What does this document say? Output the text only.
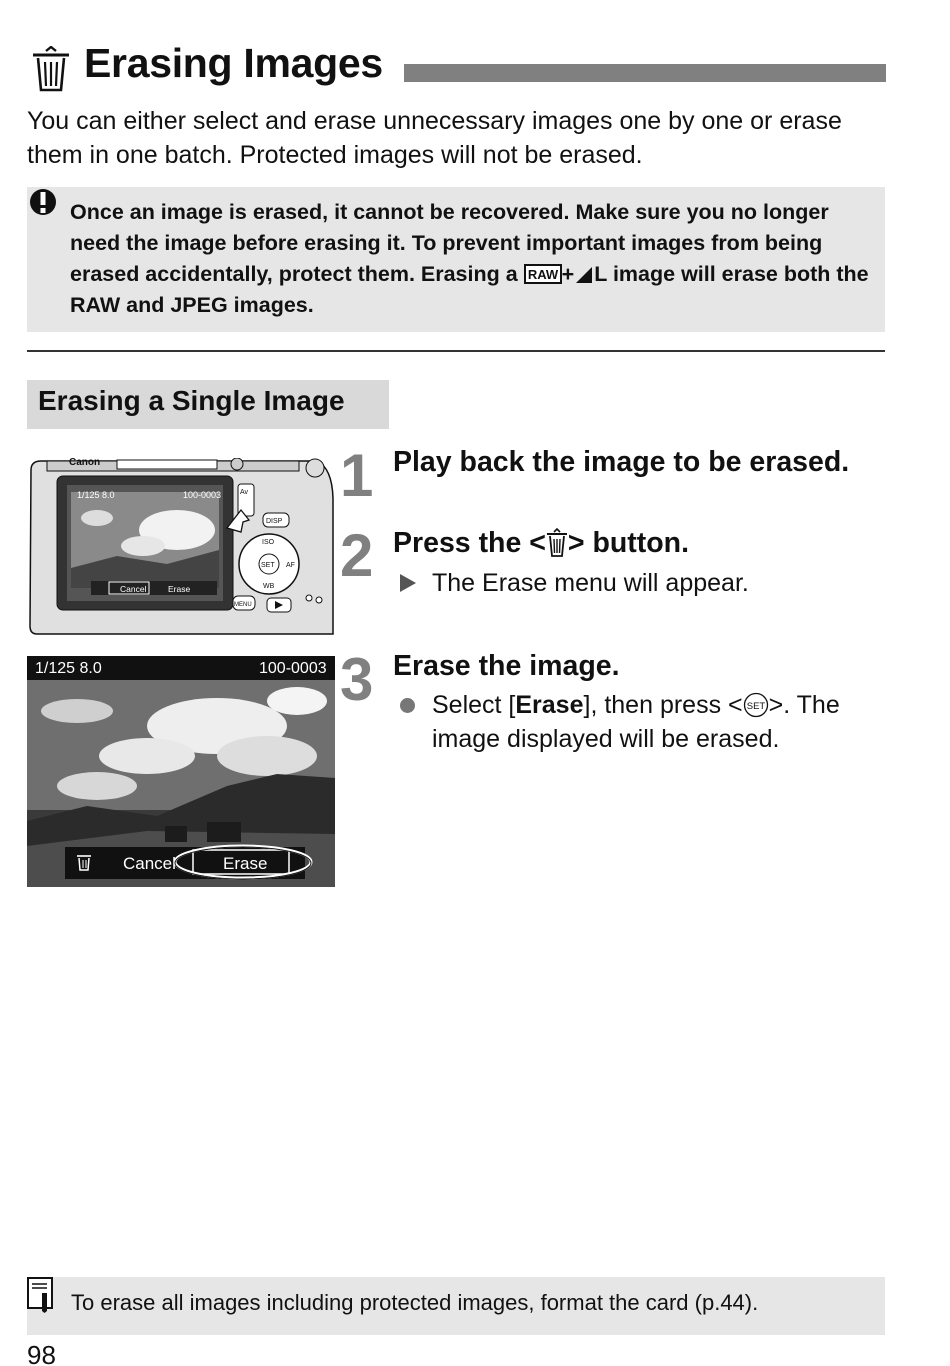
Erasing Images
You can either select and erase unnecessary images one by one or erase them in one batch. Protected images will not be erased.
Once an image is erased, it cannot be recovered. Make sure you no longer need the image before erasing it. To prevent important images from being erased accidentally, protect them. Erasing a RAW + L image will erase both the RAW and JPEG images.
Erasing a Single Image
Canon
1/125 8.0	100-0003
Cancel	Erase
Av
DISP
SET
ISO
AF
WB
MENU
1/125 8.0	100-0003
Cancel	Erase
1 Play back the image to be erased.
2 Press the < > button.
The Erase menu will appear.
3 Erase the image.
Select [Erase], then press < SET >. The image displayed will be erased.
To erase all images including protected images, format the card (p.44).
98
